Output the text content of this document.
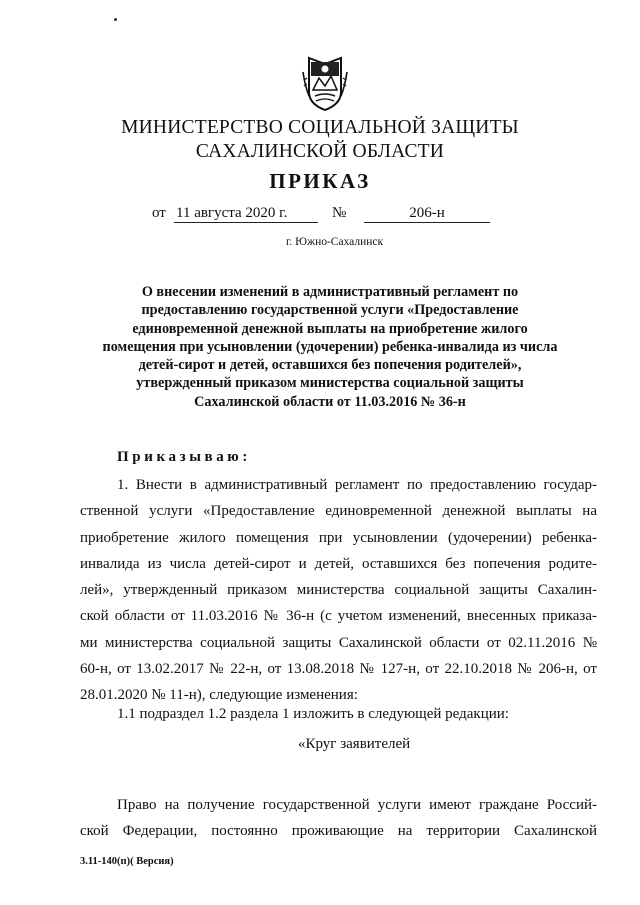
МИНИСТЕРСТВО СОЦИАЛЬНОЙ ЗАЩИТЫ
САХАЛИНСКОЙ ОБЛАСТИ
ПРИКАЗ
от 11 августа 2020 г.	№	206-н
г. Южно-Сахалинск
О внесении изменений в административный регламент по
предоставлению государственной услуги «Предоставление
единовременной денежной выплаты на приобретение жилого
помещения при усыновлении (удочерении) ребенка-инвалида из числа
детей-сирот и детей, оставшихся без попечения родителей»,
утвержденный приказом министерства социальной защиты
Сахалинской области от 11.03.2016 № 36-н
Приказываю:
1. Внести в административный регламент по предоставлению государ-
ственной услуги «Предоставление единовременной денежной выплаты на
приобретение жилого помещения при усыновлении (удочерении) ребенка-
инвалида из числа детей-сирот и детей, оставшихся без попечения родите-
лей», утвержденный приказом министерства социальной защиты Сахалин-
ской области от 11.03.2016 № 36-н (с учетом изменений, внесенных приказа-
ми министерства социальной защиты Сахалинской области от 02.11.2016 №
60-н, от 13.02.2017 № 22-н, от 13.08.2018 № 127-н, от 22.10.2018 № 206-н, от
28.01.2020 № 11-н), следующие изменения:
1.1 подраздел 1.2 раздела 1 изложить в следующей редакции:
«Круг заявителей
Право на получение государственной услуги имеют граждане Россий-
ской Федерации, постоянно проживающие на территории Сахалинской
3.11-140(п)( Версия)
